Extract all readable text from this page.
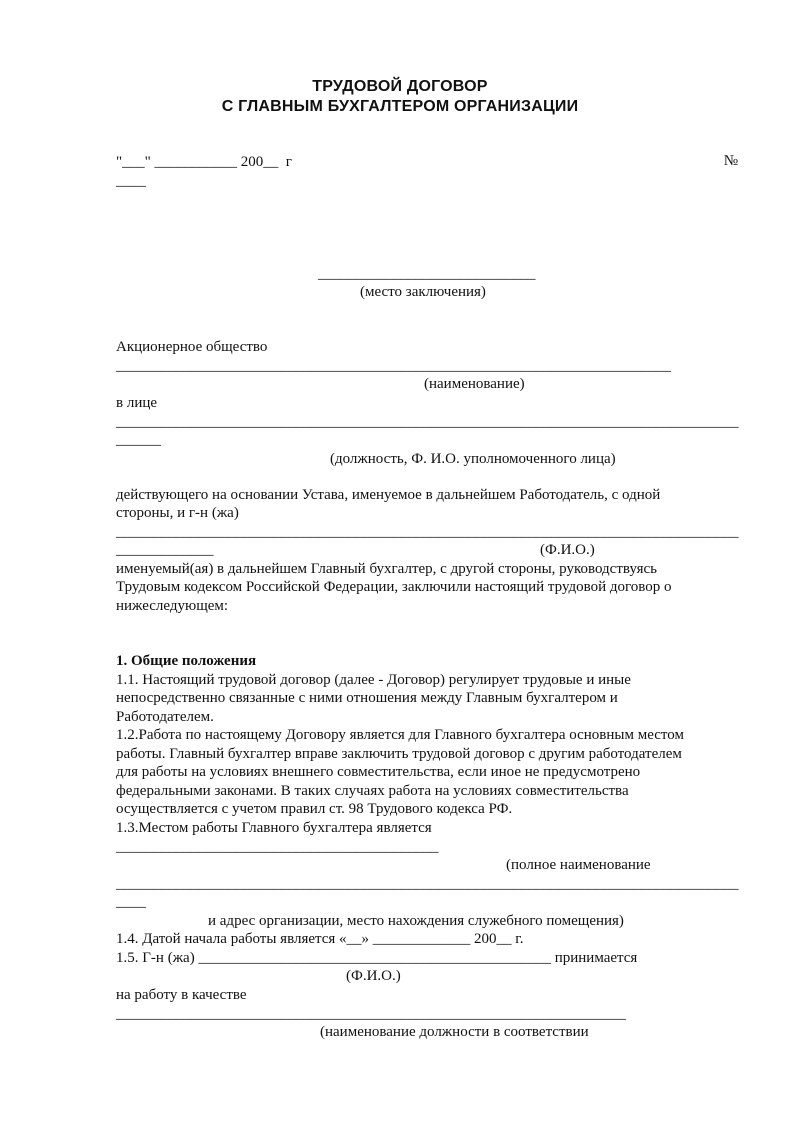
ТРУДОВОЙ ДОГОВОР
С ГЛАВНЫМ БУХГАЛТЕРОМ ОРГАНИЗАЦИИ
"___" ___________ 200__  г	№
____
_____________________________
(место заключения)
Акционерное общество
__________________________________________________________________________
(наименование)
в лице
___________________________________________________________________________________
______
(должность, Ф. И.О. уполномоченного лица)
действующего на основании Устава, именуемое в дальнейшем Работодатель, с одной
стороны, и г-н (жа)
___________________________________________________________________________________
_____________	(Ф.И.О.)
именуемый(ая) в дальнейшем Главный бухгалтер, с другой стороны, руководствуясь
Трудовым кодексом Российской Федерации, заключили настоящий трудовой договор о
нижеследующем:
1. Общие положения
1.1. Настоящий трудовой договор (далее - Договор) регулирует трудовые и иные
непосредственно связанные с ними отношения между Главным бухгалтером и
Работодателем.
1.2.Работа по настоящему Договору является для Главного бухгалтера основным местом
работы. Главный бухгалтер вправе заключить трудовой договор с другим работодателем
для работы на условиях внешнего совместительства, если иное не предусмотрено
федеральными законами. В таких случаях работа на условиях совместительства
осуществляется с учетом правил ст. 98 Трудового кодекса РФ.
1.3.Местом работы Главного бухгалтера является
___________________________________________
(полное наименование
___________________________________________________________________________________
____
и адрес организации, место нахождения служебного помещения)
1.4. Датой начала работы является «__» _____________ 200__ г.
1.5. Г-н (жа) _______________________________________________ принимается
(Ф.И.О.)
на работу в качестве
____________________________________________________________________
(наименование должности в соответствии
